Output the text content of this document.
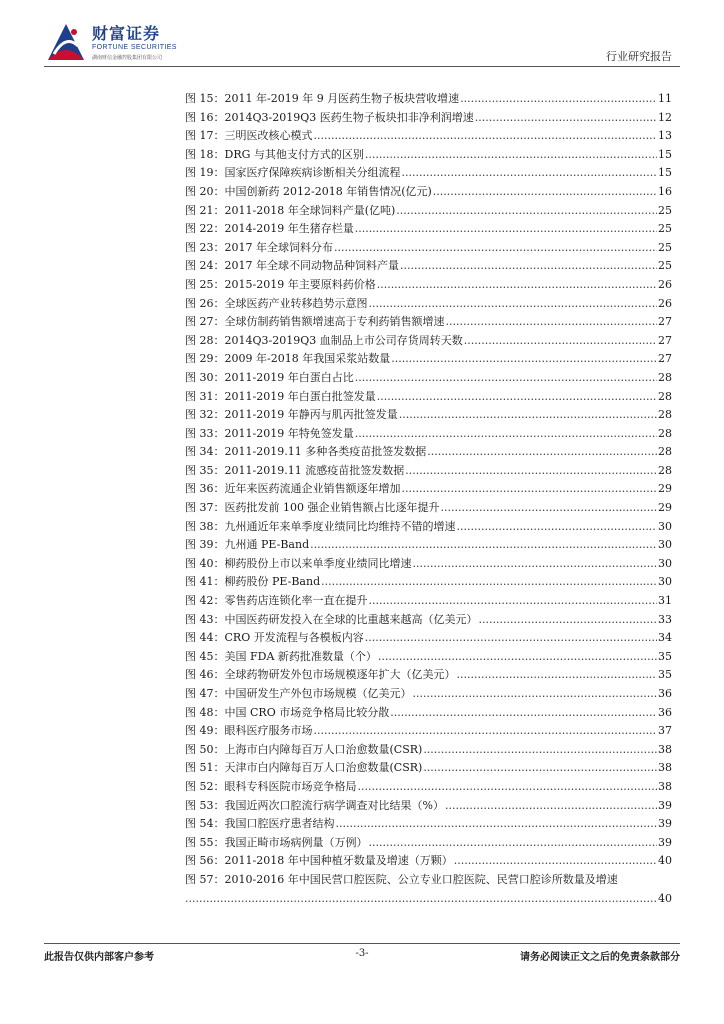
财富证券
FORTUNE SECURITIES
湖南财信金融控股集团有限公司	行业研究报告
图 15：2011 年-2019 年 9 月医药生物子板块营收增速 .....	11
图 16：2014Q3-2019Q3 医药生物子板块扣非净利润增速 .....	12
图 17：三明医改核心模式 .....	13
图 18：DRG 与其他支付方式的区别 .....	15
图 19：国家医疗保障疾病诊断相关分组流程 .....	15
图 20：中国创新药 2012-2018 年销售情况(亿元) .....	16
图 21：2011-2018 年全球饲料产量(亿吨) .....	25
图 22：2014-2019 年生猪存栏量 .....	25
图 23：2017 年全球饲料分布 .....	25
图 24：2017 年全球不同动物品种饲料产量 .....	25
图 25：2015-2019 年主要原料药价格 .....	26
图 26：全球医药产业转移趋势示意图 .....	26
图 27：全球仿制药销售额增速高于专利药销售额增速 .....	27
图 28：2014Q3-2019Q3 血制品上市公司存货周转天数 .....	27
图 29：2009 年-2018 年我国采浆站数量 .....	27
图 30：2011-2019 年白蛋白占比 .....	28
图 31：2011-2019 年白蛋白批签发量 .....	28
图 32：2011-2019 年静丙与肌丙批签发量 .....	28
图 33：2011-2019 年特免签发量 .....	28
图 34：2011-2019.11 多种各类疫苗批签发数据 .....	28
图 35：2011-2019.11 流感疫苗批签发数据 .....	28
图 36：近年来医药流通企业销售额逐年增加 .....	29
图 37：医药批发前 100 强企业销售额占比逐年提升 .....	29
图 38：九州通近年来单季度业绩同比均维持不错的增速 .....	30
图 39：九州通 PE-Band .....	30
图 40：柳药股份上市以来单季度业绩同比增速 .....	30
图 41：柳药股份 PE-Band .....	30
图 42：零售药店连锁化率一直在提升 .....	31
图 43：中国医药研发投入在全球的比重越来越高（亿美元） .....	33
图 44：CRO 开发流程与各模板内容 .....	34
图 45：美国 FDA 新药批准数量（个） .....	35
图 46：全球药物研发外包市场规模逐年扩大（亿美元） .....	35
图 47：中国研发生产外包市场规模（亿美元） .....	36
图 48：中国 CRO 市场竞争格局比较分散 .....	36
图 49：眼科医疗服务市场 .....	37
图 50：上海市白内障每百万人口治愈数量(CSR) .....	38
图 51：天津市白内障每百万人口治愈数量(CSR) .....	38
图 52：眼科专科医院市场竞争格局 .....	38
图 53：我国近两次口腔流行病学调查对比结果（%） .....	39
图 54：我国口腔医疗患者结构 .....	39
图 55：我国正畸市场病例量（万例） .....	39
图 56：2011-2018 年中国种植牙数量及增速（万颗） .....	40
图 57：2010-2016 年中国民营口腔医院、公立专业口腔医院、民营口腔诊所数量及增速
.....
40
此报告仅供内部客户参考	-3-	请务必阅读正文之后的免责条款部分
